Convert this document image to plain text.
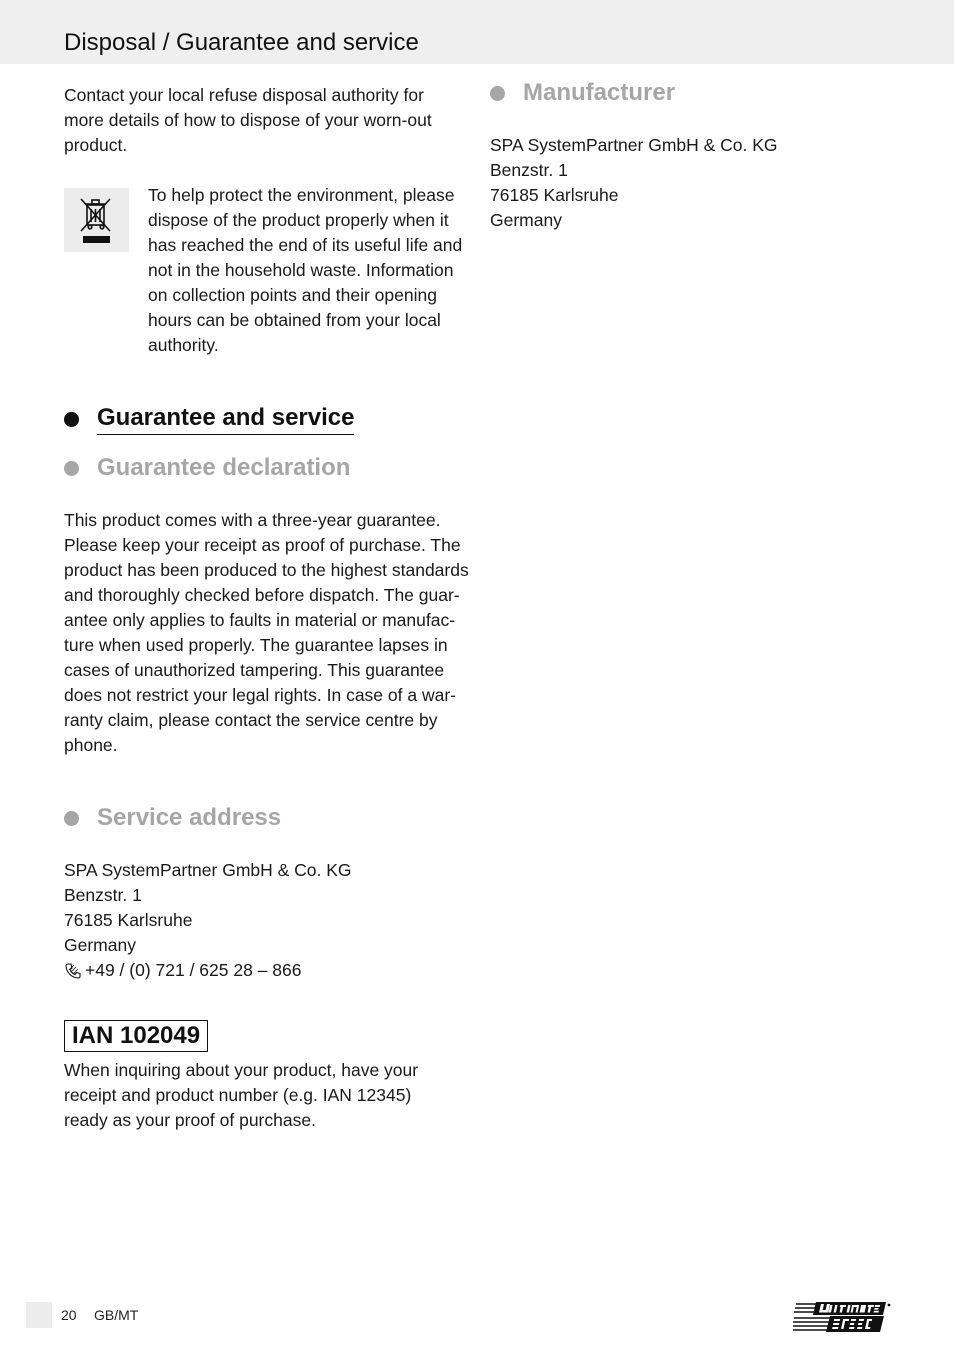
Disposal / Guarantee and service

Contact your local refuse disposal authority for more details of how to dispose of your worn-out product.

To help protect the environment, please dispose of the product properly when it has reached the end of its useful life and not in the household waste. Information on collection points and their opening hours can be obtained from your local authority.

Guarantee and service
Guarantee declaration
This product comes with a three-year guarantee.
Please keep your receipt as proof of purchase. The
product has been produced to the highest standards
and thoroughly checked before dispatch. The guar-
antee only applies to faults in material or manufac-
ture when used properly. The guarantee lapses in
cases of unauthorized tampering. This guarantee
does not restrict your legal rights. In case of a war-
ranty claim, please contact the service centre by
phone.
Service address
SPA SystemPartner GmbH & Co. KG
Benzstr. 1
76185 Karlsruhe
Germany
+49 / (0) 721 / 625 28 – 866
IAN 102049

When inquiring about your product, have your receipt and product number (e.g. IAN 12345) ready as your proof of purchase.

Manufacturer
SPA SystemPartner GmbH & Co. KG
Benzstr. 1
76185 Karlsruhe
Germany
20 GB/MT
